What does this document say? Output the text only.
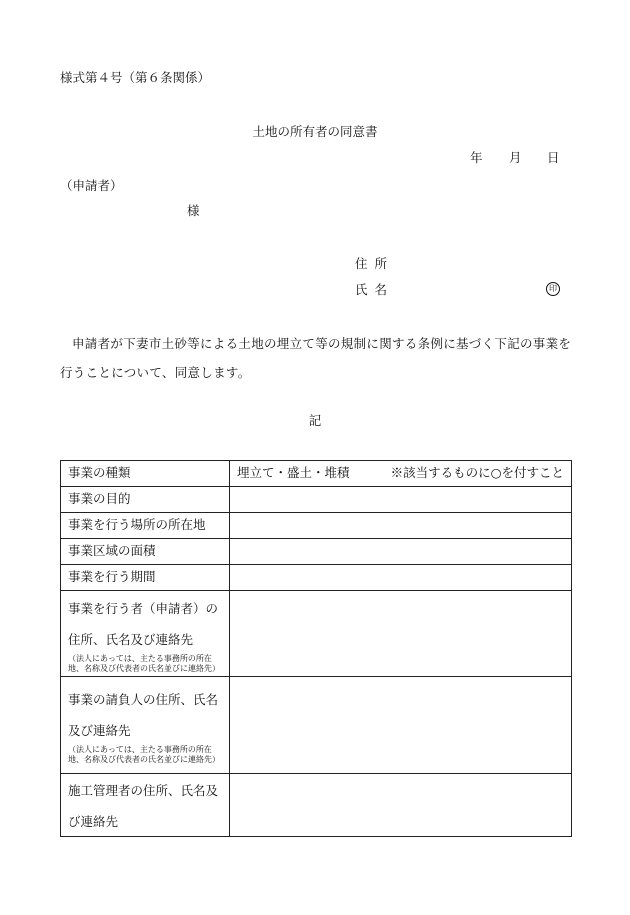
様式第４号（第６条関係）
土地の所有者の同意書
年 月 日
（申請者）
様
住所
氏名	印
申請者が下妻市土砂等による土地の埋立て等の規制に関する条例に基づく下記の事業を行うことについて、同意します。
記
事業の種類	埋立て・盛土・堆積 ※該当するものに○を付すこと

事業の目的	
事業を行う場所の所在地	
事業区域の面積	
事業を行う期間	

事業を行う者（申請者）の
住所、氏名及び連絡先
（法人にあっては、主たる事務所の所在地、名称及び代表者の氏名並びに連絡先）	

事業の請負人の住所、氏名
及び連絡先
（法人にあっては、主たる事務所の所在地、名称及び代表者の氏名並びに連絡先）	

施工管理者の住所、氏名及
び連絡先	
